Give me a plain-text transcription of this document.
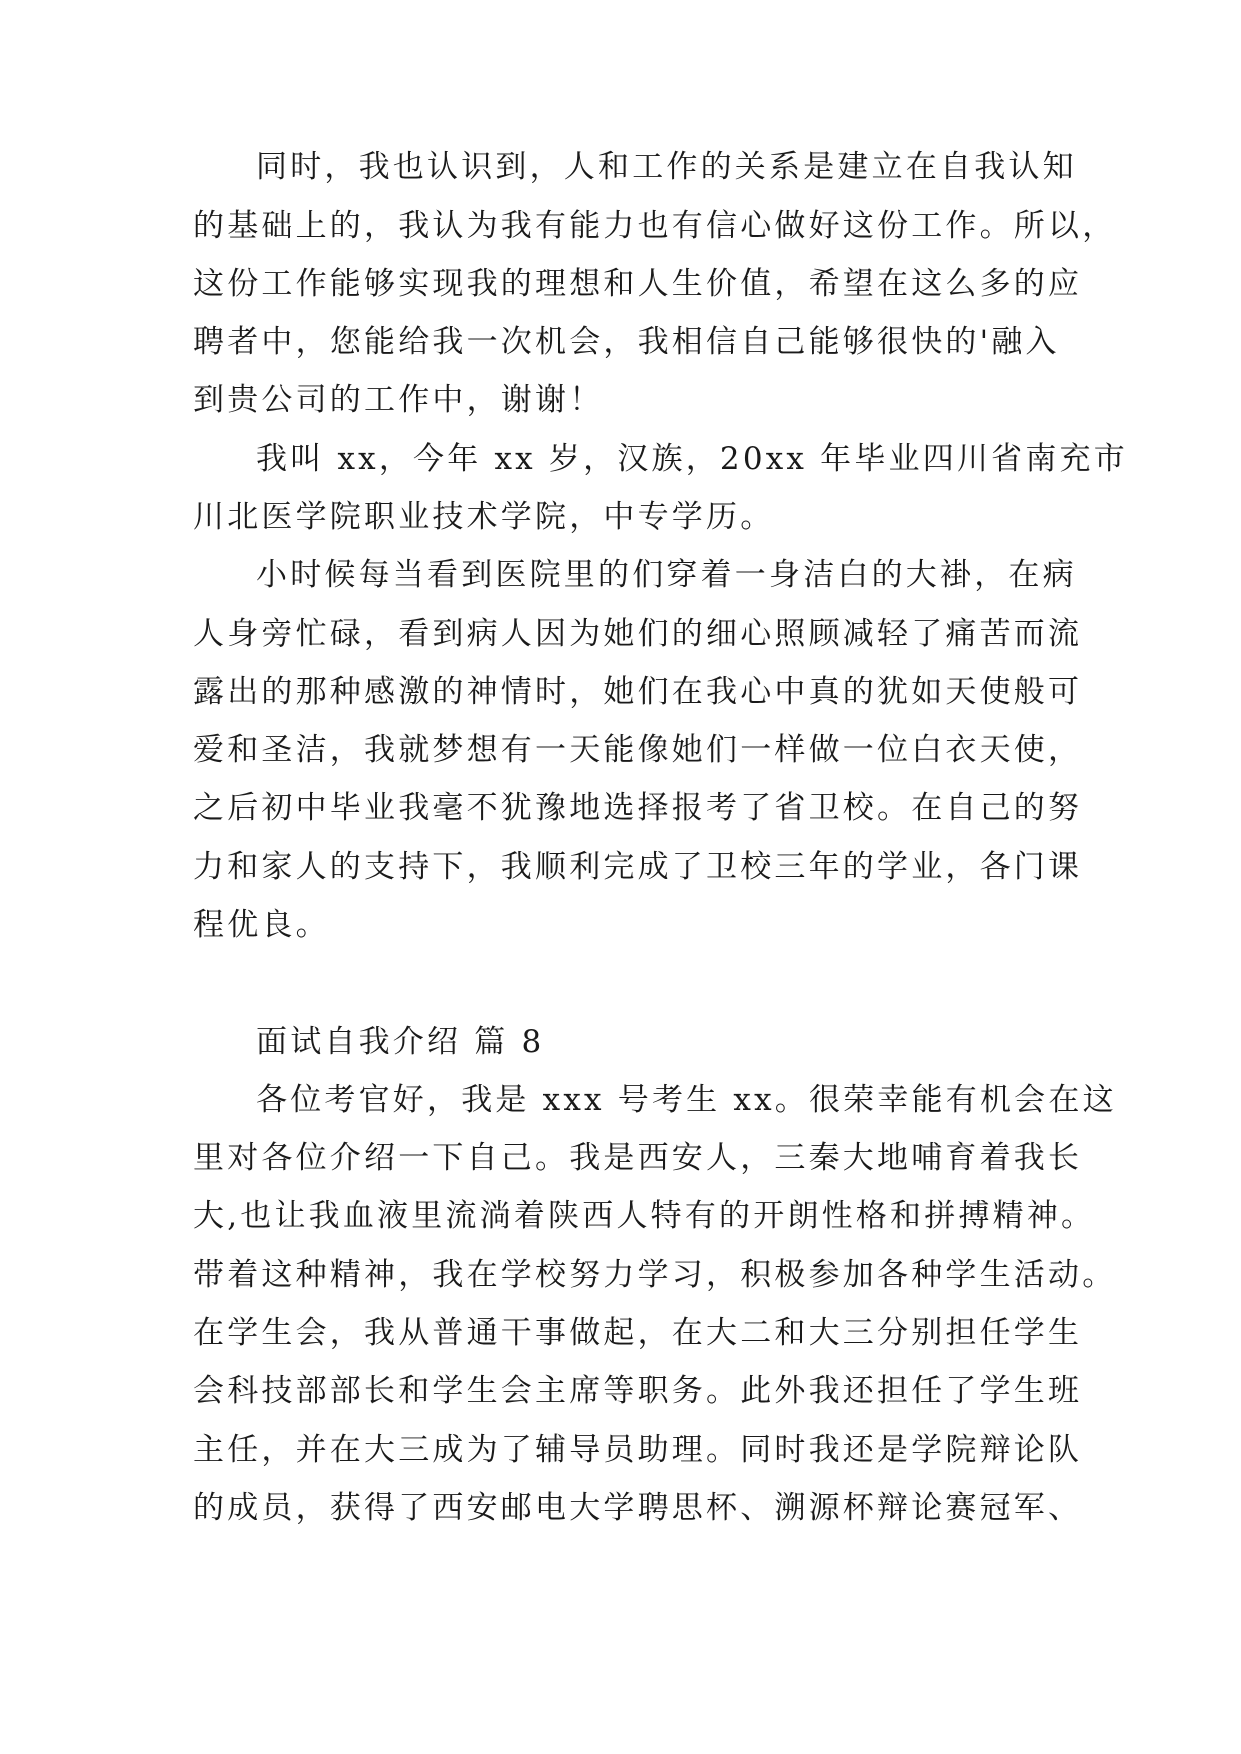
同时，我也认识到，人和工作的关系是建立在自我认知
的基础上的，我认为我有能力也有信心做好这份工作。所以，
这份工作能够实现我的理想和人生价值，希望在这么多的应
聘者中，您能给我一次机会，我相信自己能够很快的'融入
到贵公司的工作中，谢谢！
我叫 xx，今年 xx 岁，汉族，20xx 年毕业四川省南充市
川北医学院职业技术学院，中专学历。
小时候每当看到医院里的们穿着一身洁白的大褂，在病
人身旁忙碌，看到病人因为她们的细心照顾减轻了痛苦而流
露出的那种感激的神情时，她们在我心中真的犹如天使般可
爱和圣洁，我就梦想有一天能像她们一样做一位白衣天使，
之后初中毕业我毫不犹豫地选择报考了省卫校。在自己的努
力和家人的支持下，我顺利完成了卫校三年的学业，各门课
程优良。
面试自我介绍 篇 8
各位考官好，我是 xxx 号考生 xx。很荣幸能有机会在这
里对各位介绍一下自己。我是西安人，三秦大地哺育着我长
大,也让我血液里流淌着陕西人特有的开朗性格和拼搏精神。
带着这种精神，我在学校努力学习，积极参加各种学生活动。
在学生会，我从普通干事做起，在大二和大三分别担任学生
会科技部部长和学生会主席等职务。此外我还担任了学生班
主任，并在大三成为了辅导员助理。同时我还是学院辩论队
的成员，获得了西安邮电大学聘思杯、溯源杯辩论赛冠军、
